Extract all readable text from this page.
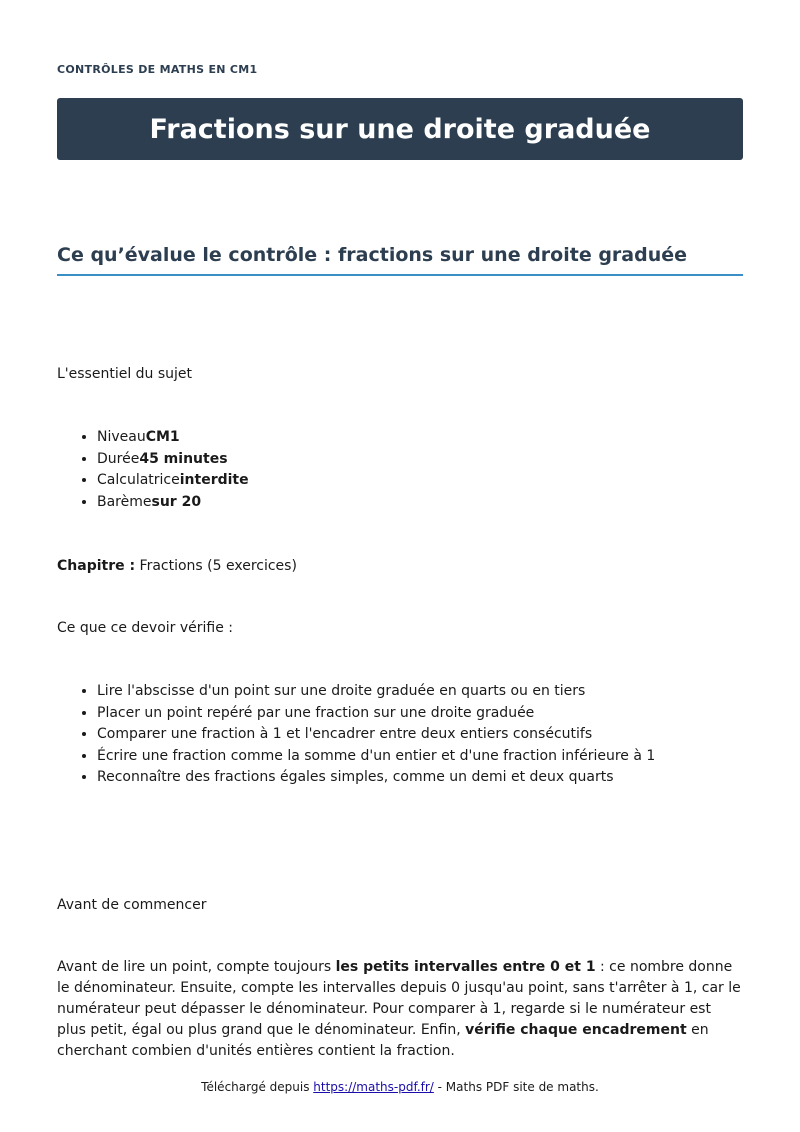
CONTRÔLES DE MATHS EN CM1
Fractions sur une droite graduée
Ce qu’évalue le contrôle : fractions sur une droite graduée

L'essentiel du sujet

• NiveauCM1
• Durée45 minutes
• Calculatriceinterdite
• Barèmesur 20

Chapitre : Fractions (5 exercices)

Ce que ce devoir vérifie :

• Lire l'abscisse d'un point sur une droite graduée en quarts ou en tiers
• Placer un point repéré par une fraction sur une droite graduée
• Comparer une fraction à 1 et l'encadrer entre deux entiers consécutifs
• Écrire une fraction comme la somme d'un entier et d'une fraction inférieure à 1
• Reconnaître des fractions égales simples, comme un demi et deux quarts

Avant de commencer

Avant de lire un point, compte toujours les petits intervalles entre 0 et 1 : ce nombre donne le dénominateur. Ensuite, compte les intervalles depuis 0 jusqu'au point, sans t'arrêter à 1, car le numérateur peut dépasser le dénominateur. Pour comparer à 1, regarde si le numérateur est plus petit, égal ou plus grand que le dénominateur. Enfin, vérifie chaque encadrement en cherchant combien d'unités entières contient la fraction.

Téléchargé depuis https://maths-pdf.fr/ - Maths PDF site de maths.
